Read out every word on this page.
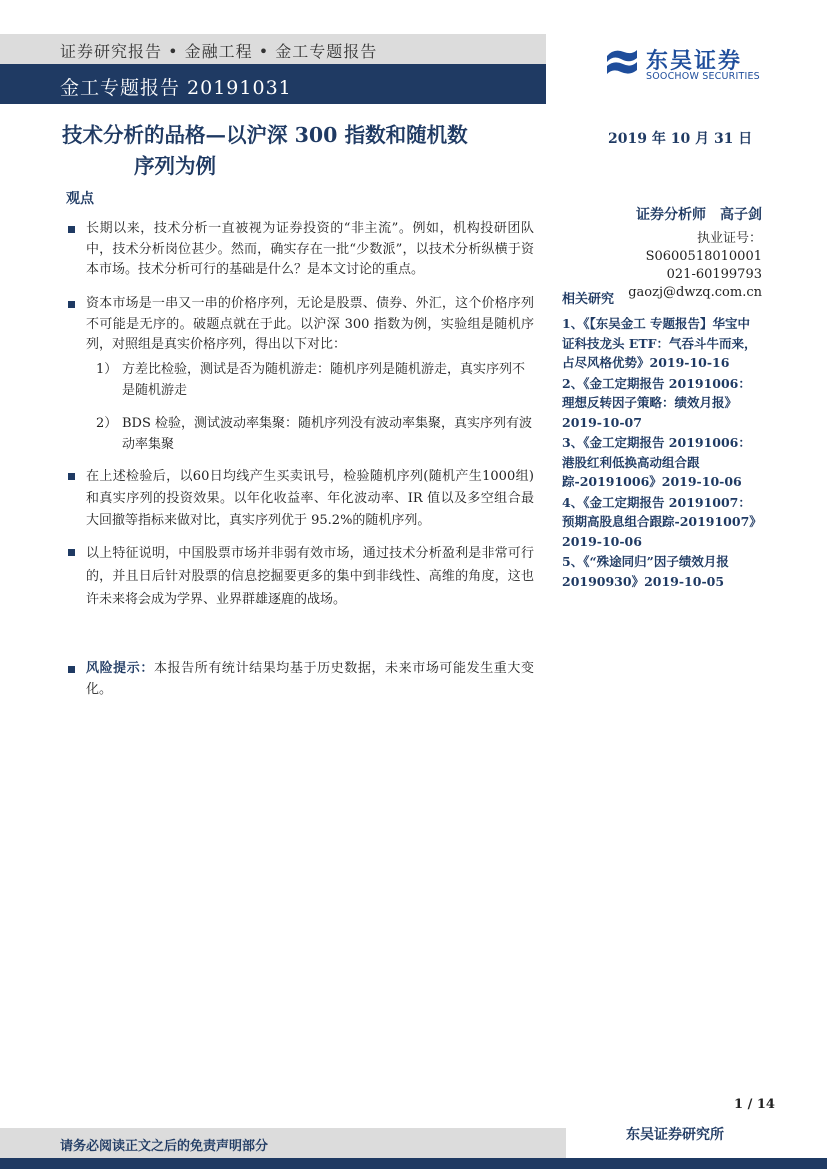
证券研究报告 • 金融工程 • 金工专题报告
金工专题报告 20191031
东吴证券
SOOCHOW SECURITIES
技术分析的品格—以沪深 300 指数和随机数
序列为例
2019 年 10 月 31 日
观点
长期以来，技术分析一直被视为证券投资的“非主流”。例如，机构投研团队中，技术分析岗位甚少。然而，确实存在一批“少数派”，以技术分析纵横于资本市场。技术分析可行的基础是什么？是本文讨论的重点。
资本市场是一串又一串的价格序列，无论是股票、债券、外汇，这个价格序列不可能是无序的。破题点就在于此。以沪深 300 指数为例，实验组是随机序列，对照组是真实价格序列，得出以下对比：
1） 方差比检验，测试是否为随机游走：随机序列是随机游走，真实序列不是随机游走
2） BDS 检验，测试波动率集聚：随机序列没有波动率集聚，真实序列有波动率集聚
在上述检验后，以60日均线产生买卖讯号，检验随机序列(随机产生1000组)和真实序列的投资效果。以年化收益率、年化波动率、IR 值以及多空组合最大回撤等指标来做对比，真实序列优于 95.2%的随机序列。
以上特征说明，中国股票市场并非弱有效市场，通过技术分析盈利是非常可行的，并且日后针对股票的信息挖掘要更多的集中到非线性、高维的角度，这也许未来将会成为学界、业界群雄逐鹿的战场。
风险提示：本报告所有统计结果均基于历史数据，未来市场可能发生重大变化。
证券分析师　高子剑
执业证号：S0600518010001
021-60199793
gaozj@dwzq.com.cn
相关研究
1、《【东吴金工 专题报告】华宝中证科技龙头 ETF：气吞斗牛而来，占尽风格优势》2019-10-16
2、《金工定期报告 20191006：理想反转因子策略：绩效月报》2019-10-07
3、《金工定期报告 20191006：港股红利低换高动组合跟踪-20191006》2019-10-06
4、《金工定期报告 20191007：预期高股息组合跟踪-20191007》2019-10-06
5、《“殊途同归”因子绩效月报 20190930》2019-10-05
1 / 14
请务必阅读正文之后的免责声明部分
东吴证券研究所
